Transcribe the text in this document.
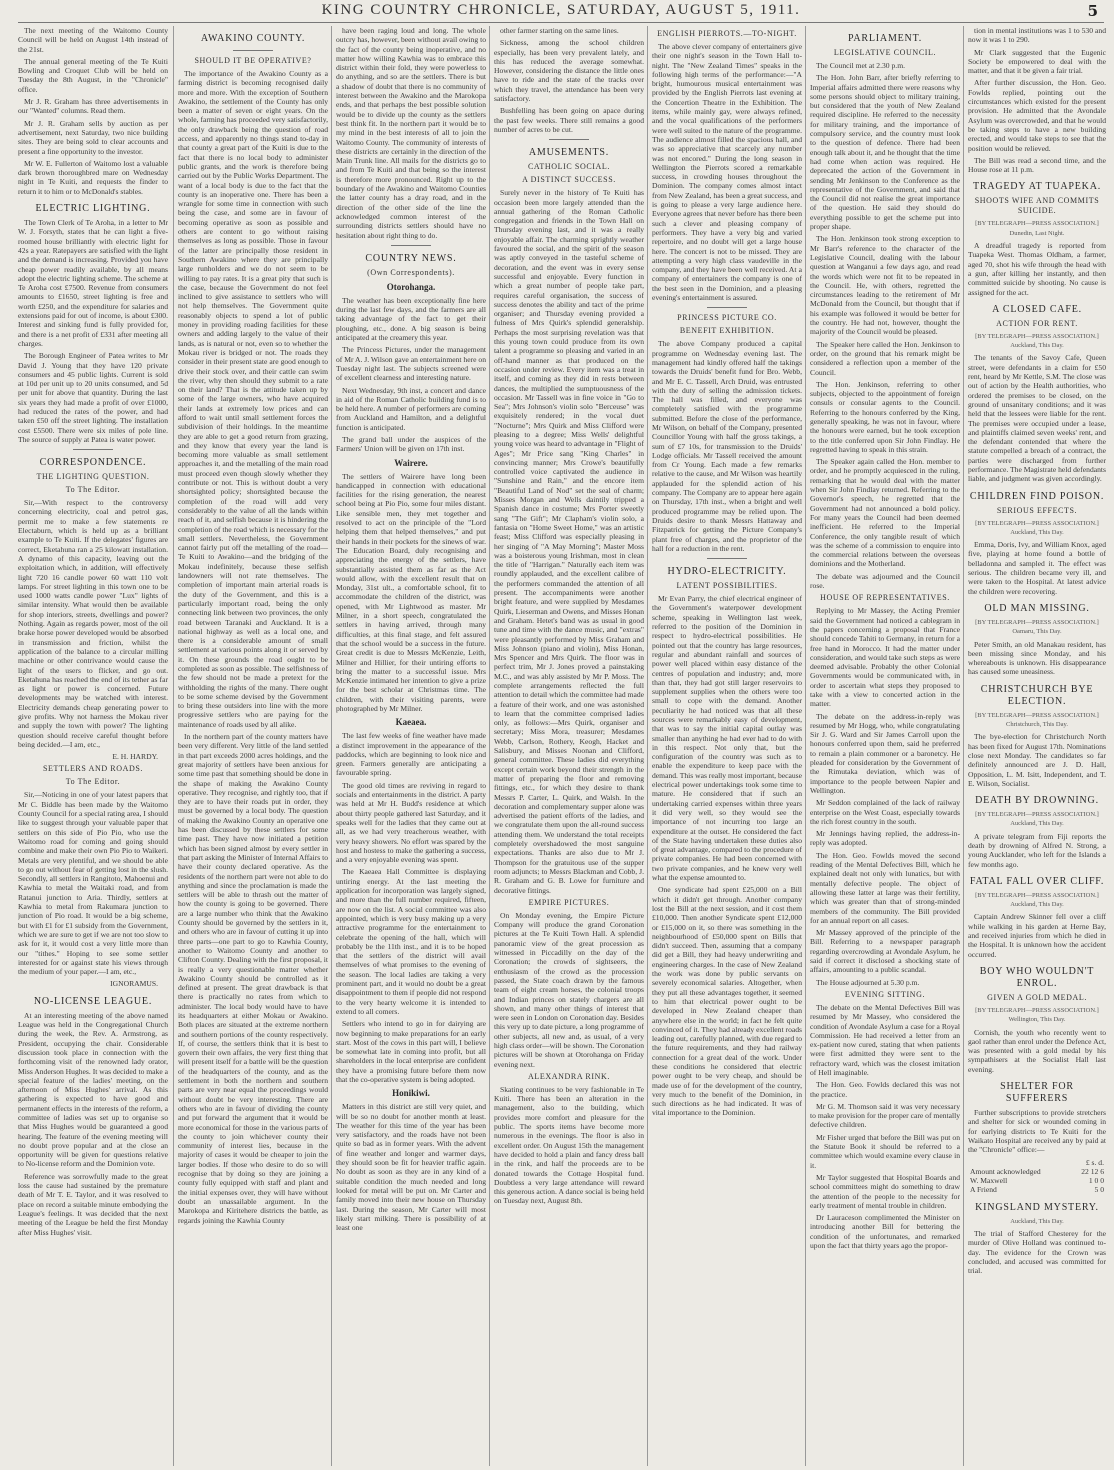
KING COUNTRY CHRONICLE, SATURDAY, AUGUST 5, 1911.	5

The next meeting of the Waitomo County Council will be held on August 14th instead of the 21st.

The annual general meeting of the Te Kuiti Bowling and Croquet Club will be held on Tuesday the 8th August, in the "Chronicle" office.

Mr J. R. Graham has three advertisements in our "Wanted" columns. Read them.

Mr J. R. Graham sells by auction as per advertisement, next Saturday, two nice building sites. They are being sold to clear accounts and present a fine opportunity to the investor.

Mr W. E. Fullerton of Waitomo lost a valuable dark brown thoroughbred mare on Wednesday night in Te Kuiti, and requests the finder to return it to him or to McDonald's stables.

ELECTRIC LIGHTING.

The Town Clerk of Te Aroha, in a letter to Mr W. J. Forsyth, states that he can light a five-roomed house brilliantly with electric light for 42s a year. Ratepayers are satisfied with the light and the demand is increasing. Provided you have cheap power readily available, by all means adopt the electric lighting scheme. The scheme at Te Aroha cost £7500. Revenue from consumers amounts to £1650, street lighting is free and worth £250, and the expenditure for salaries and extensions paid for out of income, is about £300. Interest and sinking fund is fully provided for, and there is a net profit of £331 after meeting all charges.

The Borough Engineer of Patea writes to Mr David J. Young that they have 120 private consumers and 45 public lights. Current is sold at 10d per unit up to 20 units consumed, and 5d per unit for above that quantity. During the last six years they had made a profit of over £1000, had reduced the rates of the power, and had taken £50 off the street lighting. The installation cost £5500. There were six miles of pole line. The source of supply at Patea is water power.

CORRESPONDENCE.
THE LIGHTING QUESTION.
To The Editor.

Sir,—With respect to the controversy concerning electricity, coal and petrol gas, permit me to make a few statements re Electaburn, which is held up as a brilliant example to Te Kuiti. If the delegates' figures are correct, Eketahuna ran a 25 kilowatt installation. A dynamo of this capacity, leaving out the exploitation which, in addition, will effectively light 720 16 candle power 60 watt 110 volt lamps. For street lighting in this town one to be used 1000 watts candle power "Lux" lights of similar intensity. What would then be available for shop interiors, streets, dwellings and power? Nothing. Again as regards power, most of the oil brake horse power developed would be absorbed in transmission and friction, whilst the application of the balance to a circular milling machine or other contrivance would cause the light of the users to flicker, and go out. Eketahuna has reached the end of its tether as far as light or power is concerned. Future developments may be watched with interest. Electricity demands cheap generating power to give profits. Why not harness the Mokau river and supply the town with power? The lighting question should receive careful thought before being decided.—I am, etc.,

E. H. HARDY.

SETTLERS AND ROADS.
To The Editor.

Sir,—Noticing in one of your latest papers that Mr C. Biddle has been made by the Waitomo County Council for a special rating area, I should like to suggest through your valuable paper that settlers on this side of Pio Pio, who use the Waitomo road for coming and going should combine and make their own Pio Pio to Waikeri. Metals are very plentiful, and we should be able to go out without fear of getting lost in the slush. Secondly, all settlers in Rangitoto, Mahoenui and Kawhia to metal the Waitaki road, and from Ratanui junction to Aria. Thirdly, settlers at Kawhia to metal from Rakumara junction to junction of Pio road. It would be a big scheme, but with £1 for £1 subsidy from the Government, which we are sure to get if we are not too slow to ask for it, it would cost a very little more than our "tithes." Hoping to see some settler interested for or against state his views through the medium of your paper.—I am, etc.,

IGNORAMUS.

NO-LICENSE LEAGUE.

At an interesting meeting of the above named League was held in the Congregational Church during the week, the Rev. A. Armstrong, as President, occupying the chair. Considerable discussion took place in connection with the forthcoming visit of the renowned lady orator, Miss Anderson Hughes. It was decided to make a special feature of the ladies' meeting, on the afternoon of Miss Hughes' arrival. As this gathering is expected to have good and permanent effects in the interests of the reform, a committee of ladies was set up to organise so that Miss Hughes would be guaranteed a good hearing. The feature of the evening meeting will no doubt prove popular and at the close an opportunity will be given for questions relative to No-license reform and the Dominion vote.

Reference was sorrowfully made to the great loss the cause had sustained by the premature death of Mr T. E. Taylor, and it was resolved to place on record a suitable minute embodying the League's feelings. It was decided that the next meeting of the League be held the first Monday after Miss Hughes' visit.

AWAKINO COUNTY.
SHOULD IT BE OPERATIVE?

The importance of the Awakino County as a farming district is becoming recognised daily more and more. With the exception of Southern Awakino, the settlement of the County has only been a matter of seven or eight years. On the whole, farming has proceeded very satisfactorily, the only drawback being the question of road access, and apparently no things stand to-day in that county a great part of the Kuiti is due to the fact that there is no local body to administer public grants, and the work is therefore being carried out by the Public Works Department. The want of a local body is due to the fact that the county is an inoperative one. There has been a wrangle for some time in connection with such being the case, and some are in favour of becoming operative as soon as possible and others are content to go without raising themselves as long as possible. Those in favour of the latter are principally those resident in Southern Awakino where they are principally large runholders and we do not seem to be willing to pay rates. It is a great pity that such is the case, because the Government do not feel inclined to give assistance to settlers who will not help themselves. The Government quite reasonably objects to spend a lot of public money in providing roading facilities for these owners and adding largely to the value of their lands, as is natural or not, even so to whether the Mokau river is bridged or not. The roads they consider in their present state are good enough to drive their stock over, and their cattle can swim the river, why then should they submit to a rate on their land? That is the attitude taken up by some of the large owners, who have acquired their lands at extremely low prices and can afford to wait until small settlement forces the subdivision of their holdings. In the meantime they are able to get a good return from grazing, and they know that every year the land is becoming more valuable as small settlement approaches it, and the metalling of the main road must proceed even though slowly whether they contribute or not. This is without doubt a very shortsighted policy; shortsighted because the completion of the road will add very considerably to the value of all the lands within reach of it, and selfish because it is hindering the completion of the road which is necessary for the small settlers. Nevertheless, the Government cannot fairly put off the metalling of the road—Te Kuiti to Awakino—and the bridging of the Mokau indefinitely, because these selfish landowners will not rate themselves. The completion of important main arterial roads is the duty of the Government, and this is a particularly important road, being the only connecting link between two provinces, the only road between Taranaki and Auckland. It is a national highway as well as a local one, and there is a considerable amount of small settlement at various points along it or served by it. On these grounds the road ought to be completed as soon as possible. The selfishness of the few should not be made a pretext for the withholding the rights of the many. There ought to be some scheme devised by the Government to bring these outsiders into line with the more progressive settlers who are paying for the maintenance of roads used by all alike.

In the northern part of the county matters have been very different. Very little of the land settled in that part exceeds 2000 acres holdings, and the great majority of settlers have been anxious for some time past that something should be done in the shape of making the Awakino County operative. They recognise, and rightly too, that if they are to have their roads put in order, they must be governed by a local body. The question of making the Awakino County an operative one has been discussed by these settlers for some time past. They have now initiated a petition which has been signed almost by every settler in that part asking the Minister of Internal Affairs to have their county declared operative. As the residents of the northern part were not able to do anything and since the proclamation is made the settlers will be able to thrash out the matter of how the county is going to be governed. There are a large number who think that the Awakino County should be governed by the settlers in it, and others who are in favour of cutting it up into three parts—one part to go to Kawhia County, another to Waitomo County and another to Clifton County. Dealing with the first proposal, it is really a very questionable matter whether Awakino County should be controlled as it defined at present. The great drawback is that there is practically no rates from which to administer. The local body would have to have its headquarters at either Mokau or Awakino. Both places are situated at the extreme northern and southern portions of the county respectively. If, of course, the settlers think that it is best to govern their own affairs, the very first thing that will present itself for a battle will be the question of the headquarters of the county, and as the settlement in both the northern and southern parts are very near equal the proceedings would without doubt be very interesting. There are others who are in favour of dividing the county and put forward the argument that it would be more economical for those in the various parts of the county to join whichever county their community of interest lies, because in the majority of cases it would be cheaper to join the larger bodies. If those who desire to do so will recognise that by doing so they are joining a county fully equipped with staff and plant and the initial expenses over, they will have without doubt an unassailable argument. In the Marokopa and Kiritehere districts the battle, as regards joining the Kawhia County

have been raging loud and long. The whole outcry has, however, been without avail owing to the fact of the county being inoperative, and no matter how willing Kawhia was to embrace this district within their fold, they were powerless to do anything, and so are the settlers. There is but a shadow of doubt that there is no community of interest between the Awakino and the Marokopa ends, and that perhaps the best possible solution would be to divide up the county as the settlers best think fit. In the northern part it would be to my mind in the best interests of all to join the Waitomo County. The community of interests of these districts are certainly in the direction of the Main Trunk line. All mails for the districts go to and from Te Kuiti and that being so the interest is therefore more pronounced. Right up to the boundary of the Awakino and Waitomo Counties the latter county has a dray road, and in the direction of the other side of the line the acknowledged common interest of the surrounding districts settlers should have no hesitation about right thing to do.

COUNTRY NEWS.
(Own Correspondents).
Otorohanga.

The weather has been exceptionally fine here during the last few days, and the farmers are all taking advantage of the fact to get their ploughing, etc., done. A big season is being anticipated at the creamery this year.

The Princess Pictures, under the management of Mr A. J. Wilson gave an entertainment here on Tuesday night last. The subjects screened were of excellent clearness and interesting nature.

Next Wednesday, 9th inst, a concert and dance in aid of the Roman Catholic building fund is to be held here. A number of performers are coming from Auckland and Hamilton, and a delightful function is anticipated.

The grand ball under the auspices of the Farmers' Union will be given on 17th inst.

Wairere.

The settlers of Wairere have long been handicapped in connection with educational facilities for the rising generation, the nearest school being at Pio Pio, some four miles distant. Like sensible men, they met together and resolved to act on the principle of the "Lord helping them that helped themselves," and put their hands in their pockets for the sinews of war. The Education Board, duly recognising and appreciating the energy of the settlers, have substantially assisted them as far as the Act would allow, with the excellent result that on Monday, 31st ult., a comfortable school, fit to accommodate the children of the district, was opened, with Mr Lightwood as master. Mr Milner, in a short speech, congratulated the settlers in having arrived, through many difficulties, at this final stage, and felt assured that the school would be a success in the future. Great credit is due to Messrs McKenzie, Leith, Milner and Hillier, for their untiring efforts to bring the matter to a successful issue. Mrs McKenzie intimated her intention to give a prize for the best scholar at Christmas time. The children, with their visiting parents, were photographed by Mr Milner.

Kaeaea.

The last few weeks of fine weather have made a distinct improvement in the appearance of the paddocks, which are beginning to look nice and green. Farmers generally are anticipating a favourable spring.

The good old times are reviving in regard to socials and entertainments in the district. A party was held at Mr H. Budd's residence at which about thirty people gathered last Saturday, and it speaks well for the ladies that they came out at all, as we had very treacherous weather, with very heavy showers. No effort was spared by the host and hostess to make the gathering a success, and a very enjoyable evening was spent.

The Kaeaea Hall Committee is displaying untiring energy. At the last meeting the application for incorporation was largely signed, and more than the full number required, fifteen, are now on the list. A social committee was also appointed, which is very busy making up a very attractive programme for the entertainment to celebrate the opening of the hall, which will probably be the 11th inst., and it is to be hoped that the settlers of the district will avail themselves of what promises to the evening of the season. The local ladies are taking a very prominent part, and it would no doubt be a great disappointment to them if people did not respond to the very hearty welcome it is intended to extend to all comers.

Settlers who intend to go in for dairying are now beginning to make preparations for an early start. Most of the cows in this part will, I believe be somewhat late in coming into profit, but all shareholders in the local enterprise are confident they have a promising future before them now that the co-operative system is being adopted.

Honikiwi.

Matters in this district are still very quiet, and will be so no doubt for another month at least. The weather for this time of the year has been very satisfactory, and the roads have not been quite so bad as in former years. With the advent of fine weather and longer and warmer days, they should soon be fit for heavier traffic again. No doubt as soon as they are in any kind of a suitable condition the much needed and long looked for metal will be put on. Mr Carter and family moved into their new house on Thursday last. During the season, Mr Carter will most likely start milking. There is possibility of at least one

other farmer starting on the same lines.

Sickness, among the school children especially, has been very prevalent lately, and this has reduced the average somewhat. However, considering the distance the little ones have to ride and the state of the tracks over which they travel, the attendance has been very satisfactory.

Bushfelling has been going on apace during the past few weeks. There still remains a good number of acres to be cut.

AMUSEMENTS.
CATHOLIC SOCIAL.
A DISTINCT SUCCESS.

Surely never in the history of Te Kuiti has occasion been more largely attended than the annual gathering of the Roman Catholic congregation and friends in the Town Hall on Thursday evening last, and it was a really enjoyable affair. The charming sprightly weather favoured the social, and the spirit of the season was aptly conveyed in the tasteful scheme of decoration, and the event was in every sense successful and enjoyable. Every function in which a great number of people take part, requires careful organisation, the success of success denotes the ability and tact of the prime organiser; and Thursday evening provided a fulness of Mrs Quirk's splendid generalship. Perhaps the most surprising revelation was that this young town could produce from its own talent a programme so pleasing and varied in an off-hand manner as that produced on the occasion under review. Every item was a treat in itself, and coming as they did in rests between dances, the multiplied the sumptuousness of the occasion. Mr Tassell was in fine voice in "Go to Sea"; Mrs Johnson's violin solo "Berceuse" was exquisitely rendered; in the vocal duet "Nocturne"; Mrs Quirk and Miss Clifford were pleasing to a degree; Miss Wells' delightful young voice was heard to advantage in "Flight of Ages"; Mr Price sang "King Charles" in convincing manner; Mrs Crowe's beautifully controlled voice captivated the audience in "Sunshine and Rain," and the encore item "Beautiful Land of Nod" set the seal of charm; Misses Morgan and Wells daintily tripped a Spanish dance in costume; Mrs Porter sweetly sang "The Gift"; Mr Clapham's violin solo, a fantasia on "Home Sweet Home," was an artistic feast; Miss Clifford was especially pleasing in her singing of "A May Morning"; Master Moss was a boisterous young Irishman, most in clean the title of "Harrigan." Naturally each item was roundly applauded, and the excellent calibre of the performers commanded the attention of all present. The accompaniments were another bright feature, and were supplied by Mesdames Quirk, Lieserman and Owens, and Misses Honan and Graham. Hetet's band was as usual in good tune and time with the dance music, and "extras" were pleasantly performed by Miss Graham and Miss Johnson (piano and violin), Miss Honan, Mrs Spencer and Mrs Quirk. The floor was in perfect trim, Mr J. Jones proved a painstaking M.C., and was ably assisted by Mr P. Moss. The complete arrangements reflected the full attention to detail which the committee had made a feature of their work, and one was astonished to learn that the committee comprised ladies only, as follows:—Mrs Quirk, organiser and secretary; Miss Mora, treasurer; Mesdames Webb, Carlson, Rothery, Keogh, Hacket and Salisbury, and Misses Noonan and Clifford, general committee. These ladies did everything except certain work beyond their strength in the matter of preparing the floor and removing fittings, etc., for which they desire to thank Messrs P. Carter, L. Quirk, and Walsh. In the decoration and complementary supper alone was advertised the patient efforts of the ladies, and we congratulate them upon the all-round success attending them. We understand the total receipts completely overshadowed the most sanguine expectations. Thanks are also due to Mr J. Thompson for the gratuitous use of the supper room adjuncts; to Messrs Blackman and Cobb, J. R. Graham and G. B. Lowe for furniture and decorative fittings.

EMPIRE PICTURES.

On Monday evening, the Empire Picture Company will produce the grand Coronation pictures at the Te Kuiti Town Hall. A splendid panoramic view of the great procession as witnessed in Piccadilly on the day of the Coronation; the crowds of sightseers, the enthusiasm of the crowd as the procession passed, the State coach drawn by the famous team of eight cream horses, the colonial troops and Indian princes on stately chargers are all shown, and many other things of interest that were seen in London on Coronation day. Besides this very up to date picture, a long programme of other subjects, all new and, as usual, of a very high class order—will be shown. The Coronation pictures will be shown at Otorohanga on Friday evening next.

ALEXANDRA RINK.

Skating continues to be very fashionable in Te Kuiti. There has been an alteration in the management, also to the building, which provides more comfort and pleasure for the public. The sports items have become more numerous in the evenings. The floor is also in excellent order. On August 15th the management have decided to hold a plain and fancy dress ball in the rink, and half the proceeds are to be donated towards the Cottage Hospital fund. Doubtless a very large attendance will reward this generous action. A dance social is being held on Tuesday next, August 8th.

ENGLISH PIERROTS.—TO-NIGHT.

The above clever company of entertainers give their one night's season in the Town Hall to-night. The "New Zealand Times" speaks in the following high terms of the performance:—"A bright, humourous musical entertainment was provided by the English Pierrots last evening at the Concertion Theatre in the Exhibition. The items, while mainly gay, were always refined, and the vocal qualifications of the performers were well suited to the nature of the programme. The audience almost filled the spacious hall, and was so appreciative that scarcely any number was not encored." During the long season in Wellington the Pierrots scored a remarkable success, in crowding houses throughout the Dominion. The company comes almost intact from New Zealand, has been a great success, and is going to please a very large audience here. Everyone agrees that never before has there been such a clever and pleasing company of performers. They have a very big and varied repertoire, and no doubt will get a large house here. The concert is not to be missed. They are attempting a very high class vaudeville in the company, and they have been well received. At a company of entertainers the company is one of the best seen in the Dominion, and a pleasing evening's entertainment is assured.

PRINCESS PICTURE CO.
BENEFIT EXHIBITION.

The above Company produced a capital programme on Wednesday evening last. The management had kindly offered half the takings towards the Druids' benefit fund for Bro. Webb, and Mr E. C. Tassell, Arch Druid, was entrusted with the duty of selling the admission tickets. The hall was filled, and everyone was completely satisfied with the programme submitted. Before the close of the performance, Mr Wilson, on behalf of the Company, presented Councillor Young with half the gross takings, a sum of £7 10s, for transmission to the Druids' Lodge officials. Mr Tassell received the amount from Cr Young. Each made a few remarks relative to the cause, and Mr Wilson was heartily applauded for the splendid action of his company. The Company are to appear here again on Thursday, 17th inst., when a bright and well produced programme may be relied upon. The Druids desire to thank Messrs Hattaway and Fitzpatrick for getting the Picture Company's plant free of charges, and the proprietor of the hall for a reduction in the rent.

HYDRO-ELECTRICITY.
LATENT POSSIBILITIES.

Mr Evan Parry, the chief electrical engineer of the Government's waterpower development scheme, speaking in Wellington last week, referred to the position of the Dominion in respect to hydro-electrical possibilities. He pointed out that the country has large resources, regular and abundant rainfall and sources of power well placed within easy distance of the centres of population and industry; and, more than that, they had got still larger reservoirs to supplement supplies when the others were too small to cope with the demand. Another peculiarity he had noticed was that all these sources were remarkably easy of development, that was to say the initial capital outlay was smaller than anything he had ever had to do with in this respect. Not only that, but the configuration of the country was such as to enable the expenditure to keep pace with the demand. This was really most important, because electrical power undertakings took some time to mature. He considered that if such an undertaking carried expenses within three years it did very well, so they would see the importance of not incurring too large an expenditure at the outset. He considered the fact of the State having undertaken these duties also of great advantage, compared to the procedure of private companies. He had been concerned with two private companies, and he knew very well what the expense amounted to.

One syndicate had spent £25,000 on a Bill which it didn't get through. Another company lost the Bill at the next session, and it cost them £10,000. Then another Syndicate spent £12,000 or £15,000 on it, so there was something in the neighbourhood of £50,000 spent on Bills that didn't succeed. Then, assuming that a company did get a Bill, they had heavy underwriting and engineering charges. In the case of New Zealand the work was done by public servants on severely economical salaries. Altogether, when they put all these advantages together, it seemed to him that electrical power ought to be developed in New Zealand cheaper than anywhere else in the world; in fact he felt quite convinced of it. They had already excellent roads leading out, carefully planned, with due regard to the future requirements, and they had railway connection for a great deal of the work. Under these conditions he considered that electric power ought to be very cheap, and should be made use of for the development of the country, very much to the benefit of the Dominion, in such directions as he had indicated. It was of vital importance to the Dominion.

PARLIAMENT.
LEGISLATIVE COUNCIL.

The Council met at 2.30 p.m.

The Hon. John Barr, after briefly referring to Imperial affairs admitted there were reasons why some persons should object to military training, but considered that the youth of New Zealand required discipline. He referred to the necessity for military training, and the importance of compulsory service, and the country must look to the question of defence. There had been enough talk about it, and he thought that the time had come when action was required. He deprecated the action of the Government in sending Mr Jenkinson to the Conference as the representative of the Government, and said that the Council did not realise the great importance of the question. He said they should do everything possible to get the scheme put into proper shape.

The Hon. Jenkinson took strong exception to Mr Barr's reference to the character of the Legislative Council, dealing with the labour question at Wanganui a few days ago, and read the words which were not fit to be repeated in the Council. He, with others, regretted the circumstances leading to the retirement of Mr McDonald from the Council, but thought that if his example was followed it would be better for the country. He had not, however, thought the majority of the Council would be pleased.

The Speaker here called the Hon. Jenkinson to order, on the ground that his remark might be considered a reflection upon a member of the Council.

The Hon. Jenkinson, referring to other subjects, objected to the appointment of foreign consuls or consular agents to the Council. Referring to the honours conferred by the King, generally speaking, he was not in favour, where the honours were earned, but he took exception to the title conferred upon Sir John Findlay. He regretted having to speak in this strain.

The Speaker again called the Hon. member to order, and he promptly acquiesced in the ruling, remarking that he would deal with the matter when Sir John Findlay returned. Referring to the Governor's speech, he regretted that the Government had not announced a bold policy. For many years the Council had been deemed inefficient. He referred to the Imperial Conference, the only tangible result of which was the scheme of a commission to enquire into the commercial relations between the overseas dominions and the Motherland.

The debate was adjourned and the Council rose.

HOUSE OF REPRESENTATIVES.

Replying to Mr Massey, the Acting Premier said the Government had noticed a cablegram in the papers concerning a proposal that France should concede Tahiti to Germany, in return for a free hand in Morocco. It had the matter under consideration, and would take such steps as were deemed advisable. Probably the other Colonial Governments would be communicated with, in order to ascertain what steps they proposed to take with a view to concerted action in the matter.

The debate on the address-in-reply was resumed by Mr Hogg, who, while congratulating Sir J. G. Ward and Sir James Carroll upon the honours conferred upon them, said he preferred to remain a plain commoner or a baronetcy. He pleaded for consideration by the Government of the Rimutaka deviation, which was of importance to the people between Napier and Wellington.

Mr Seddon complained of the lack of railway enterprise on the West Coast, especially towards the rich forest country in the south.

Mr Jennings having replied, the address-in-reply was adopted.

The Hon. Geo. Fowlds moved the second reading of the Mental Defectives Bill, which he explained dealt not only with lunatics, but with mentally defective people. The object of allowing these latter at large was their fertility, which was greater than that of strong-minded members of the community. The Bill provided for an annual report on all cases.

Mr Massey approved of the principle of the Bill. Referring to a newspaper paragraph regarding overcrowding at Avondale Asylum, he said if correct it disclosed a shocking state of affairs, amounting to a public scandal.

The House adjourned at 5.30 p.m.

EVENING SITTING.

The debate on the Mental Defectives Bill was resumed by Mr Massey, who considered the condition of Avondale Asylum a case for a Royal Commission. He had received a letter from an ex-patient now cured, stating that when patients were first admitted they were sent to the refractory ward, which was the closest imitation of Hell imaginable.

The Hon. Geo. Fowlds declared this was not the practice.

Mr G. M. Thomson said it was very necessary to make provision for the proper care of mentally defective children.

Mr Fisher urged that before the Bill was put on the Statute Book it should be referred to a committee which would examine every clause in it.

Mr Taylor suggested that Hospital Boards and school committees might do something to draw the attention of the people to the necessity for early treatment of mental trouble in children.

Dr Lauraceson complimented the Minister on introducing another Bill for bettering the condition of the unfortunates, and remarked upon the fact that thirty years ago the propor-

tion in mental institutions was 1 to 530 and now it was 1 to 290.

Mr Clark suggested that the Eugenic Society be empowered to deal with the matter, and that it be given a fair trial.

After further discussion, the Hon. Geo. Fowlds replied, pointing out the circumstances which existed for the present provision. He admitted that the Avondale Asylum was overcrowded, and that he would be taking steps to have a new building erected, and would take steps to see that the position would be relieved.

The Bill was read a second time, and the House rose at 11 p.m.

TRAGEDY AT TUAPEKA.
SHOOTS WIFE AND COMMITS SUICIDE.

[BY TELEGRAPH—PRESS ASSOCIATION.] Dunedin, Last Night.

A dreadful tragedy is reported from Tuapeka West. Thomas Oldham, a farmer, aged 70, shot his wife through the head with a gun, after killing her instantly, and then committed suicide by shooting. No cause is assigned for the act.

A CLOSED CAFE.
ACTION FOR RENT.

[BY TELEGRAPH—PRESS ASSOCIATION.] Auckland, This Day.

The tenants of the Savoy Cafe, Queen street, were defendants in a claim for £50 rent, heard by Mr Kettle, S.M. The close was out of action by the Health authorities, who ordered the premises to be closed, on the ground of unsanitary conditions; and it was held that the lessees were liable for the rent. The premises were occupied under a lease, and plaintiffs claimed seven weeks' rent, and the defendant contended that where the statute compelled a breach of a contract, the parties were discharged from further performance. The Magistrate held defendants liable, and judgment was given accordingly.

CHILDREN FIND POISON.
SERIOUS EFFECTS.

[BY TELEGRAPH—PRESS ASSOCIATION.] Auckland, This Day.

Emma, Doris, Ivy, and William Knox, aged five, playing at home found a bottle of belladonna and sampled it. The effect was serious. The children became very ill, and were taken to the Hospital. At latest advice the children were recovering.

OLD MAN MISSING.

[BY TELEGRAPH—PRESS ASSOCIATION.] Oamaru, This Day.

Peter Smith, an old Manakau resident, has been missing since Monday, and his whereabouts is unknown. His disappearance has caused some uneasiness.

CHRISTCHURCH BYE ELECTION.

[BY TELEGRAPH—PRESS ASSOCIATION.] Christchurch, This Day.

The bye-election for Christchurch North has been fixed for August 17th. Nominations close next Monday. The candidates so far definitely announced are J. D. Hall, Opposition, L. M. Isitt, Independent, and T. E. Wilson, Socialist.

DEATH BY DROWNING.

[BY TELEGRAPH—PRESS ASSOCIATION.] Auckland, This Day.

A private telegram from Fiji reports the death by drowning of Alfred N. Strong, a young Aucklander, who left for the Islands a few months ago.

FATAL FALL OVER CLIFF.

[BY TELEGRAPH—PRESS ASSOCIATION.] Auckland, This Day.

Captain Andrew Skinner fell over a cliff while walking in his garden at Herne Bay, and received injuries from which he died in the Hospital. It is unknown how the accident occurred.

BOY WHO WOULDN'T ENROL.
GIVEN A GOLD MEDAL.

[BY TELEGRAPH—PRESS ASSOCIATION.] Wellington, This Day.

Cornish, the youth who recently went to gaol rather than enrol under the Defence Act, was presented with a gold medal by his sympathisers at the Socialist Hall last evening.

SHELTER FOR SUFFERERS

Further subscriptions to provide stretchers and shelter for sick or wounded coming in for earlying districts to Te Kuiti for the Waikato Hospital are received any by paid at the "Chronicle" office:—

	£ s. d.
Amount acknowledged	22 12 6
W. Maxwell	1 0 0
A Friend	5 0
KINGSLAND MYSTERY.

Auckland, This Day.

The trial of Stafford Chesterey for the murder of Olive Holland was continued to-day. The evidence for the Crown was concluded, and accused was committed for trial.
